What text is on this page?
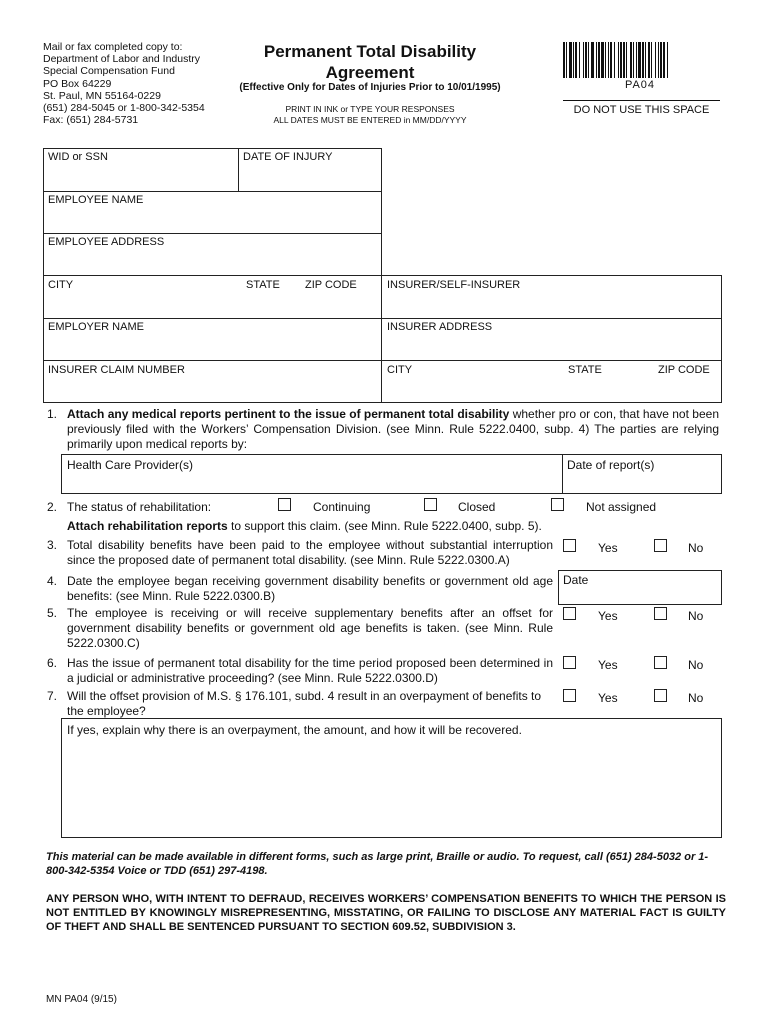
Mail or fax completed copy to:
Department of Labor and Industry
Special Compensation Fund
PO Box 64229
St. Paul, MN 55164-0229
(651) 284-5045 or 1-800-342-5354
Fax: (651) 284-5731
Permanent Total Disability
Agreement
(Effective Only for Dates of Injuries Prior to 10/01/1995)
PRINT IN INK or TYPE YOUR RESPONSES
ALL DATES MUST BE ENTERED in MM/DD/YYYY
PA04
DO NOT USE THIS SPACE
WID or SSN	DATE OF INJURY
EMPLOYEE NAME
EMPLOYEE ADDRESS
CITY	STATE ZIP CODE	INSURER/SELF-INSURER
EMPLOYER NAME	INSURER ADDRESS
INSURER CLAIM NUMBER	CITY	STATE	ZIP CODE
1. Attach any medical reports pertinent to the issue of permanent total disability whether pro or con, that have not been previously filed with the Workers’ Compensation Division. (see Minn. Rule 5222.0400, subp. 4) The parties are relying primarily upon medical reports by:
Health Care Provider(s)	Date of report(s)
2. The status of rehabilitation:	Continuing	Closed	Not assigned
Attach rehabilitation reports to support this claim. (see Minn. Rule 5222.0400, subp. 5).
3. Total disability benefits have been paid to the employee without substantial interruption since the proposed date of permanent total disability. (see Minn. Rule 5222.0300.A)
Yes	No
4. Date the employee began receiving government disability benefits or government old age benefits: (see Minn. Rule 5222.0300.B)
Date
5. The employee is receiving or will receive supplementary benefits after an offset for government disability benefits or government old age benefits is taken. (see Minn. Rule 5222.0300.C)
Yes	No
6. Has the issue of permanent total disability for the time period proposed been determined in a judicial or administrative proceeding? (see Minn. Rule 5222.0300.D)
Yes	No
7. Will the offset provision of M.S. § 176.101, subd. 4 result in an overpayment of benefits to the employee?
Yes	No
If yes, explain why there is an overpayment, the amount, and how it will be recovered.
This material can be made available in different forms, such as large print, Braille or audio. To request, call (651) 284-5032 or 1-800-342-5354 Voice or TDD (651) 297-4198.
ANY PERSON WHO, WITH INTENT TO DEFRAUD, RECEIVES WORKERS’ COMPENSATION BENEFITS TO WHICH THE PERSON IS NOT ENTITLED BY KNOWINGLY MISREPRESENTING, MISSTATING, OR FAILING TO DISCLOSE ANY MATERIAL FACT IS GUILTY OF THEFT AND SHALL BE SENTENCED PURSUANT TO SECTION 609.52, SUBDIVISION 3.
MN PA04 (9/15)
